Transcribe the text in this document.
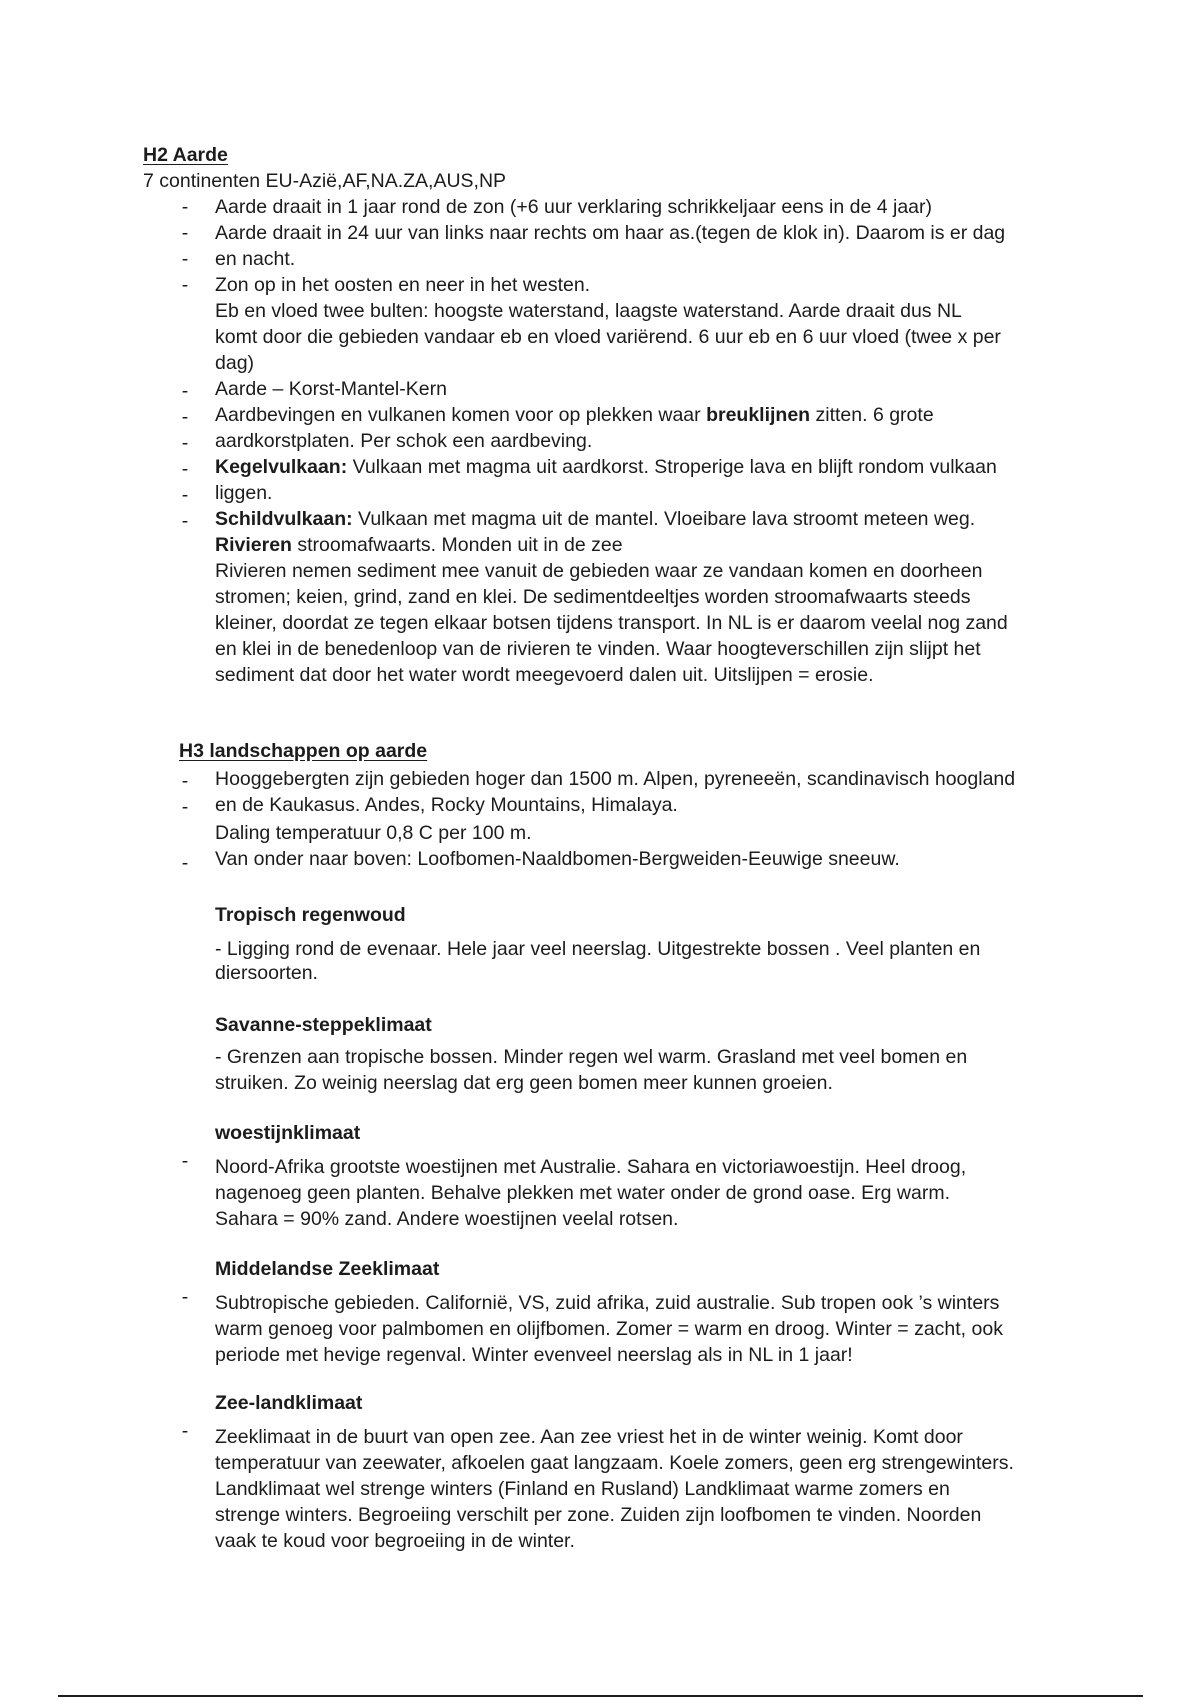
H2 Aarde
7 continenten EU-Azië,AF,NA.ZA,AUS,NP
-
-
-
-
-
-
-
-
-
-
Aarde draait in 1 jaar rond de zon (+6 uur verklaring schrikkeljaar eens in de 4 jaar)
Aarde draait in 24 uur van links naar rechts om haar as.(tegen de klok in). Daarom is er dag
en nacht.
Zon op in het oosten en neer in het westen.
Eb en vloed twee bulten: hoogste waterstand, laagste waterstand. Aarde draait dus NL
komt door die gebieden vandaar eb en vloed variërend. 6 uur eb en 6 uur vloed (twee x per
dag)
Aarde – Korst-Mantel-Kern
Aardbevingen en vulkanen komen voor op plekken waar breuklijnen zitten. 6 grote
aardkorstplaten. Per schok een aardbeving.
Kegelvulkaan: Vulkaan met magma uit aardkorst. Stroperige lava en blijft rondom vulkaan
liggen.
Schildvulkaan: Vulkaan met magma uit de mantel. Vloeibare lava stroomt meteen weg.
Rivieren stroomafwaarts. Monden uit in de zee
Rivieren nemen sediment mee vanuit de gebieden waar ze vandaan komen en doorheen
stromen; keien, grind, zand en klei. De sedimentdeeltjes worden stroomafwaarts steeds
kleiner, doordat ze tegen elkaar botsen tijdens transport. In NL is er daarom veelal nog zand
en klei in de benedenloop van de rivieren te vinden. Waar hoogteverschillen zijn slijpt het
sediment dat door het water wordt meegevoerd dalen uit. Uitslijpen = erosie.
H3 landschappen op aarde
-
-
-
Hooggebergten zijn gebieden hoger dan 1500 m. Alpen, pyreneeën, scandinavisch hoogland
en de Kaukasus. Andes, Rocky Mountains, Himalaya.
Daling temperatuur 0,8 C per 100 m.
Van onder naar boven: Loofbomen-Naaldbomen-Bergweiden-Eeuwige sneeuw.
Tropisch regenwoud
- Ligging rond de evenaar. Hele jaar veel neerslag. Uitgestrekte bossen . Veel planten en
diersoorten.
Savanne-steppeklimaat
- Grenzen aan tropische bossen. Minder regen wel warm. Grasland met veel bomen en
struiken. Zo weinig neerslag dat erg geen bomen meer kunnen groeien.
woestijnklimaat
-	Noord-Afrika grootste woestijnen met Australie. Sahara en victoriawoestijn. Heel droog,
nagenoeg geen planten. Behalve plekken met water onder de grond oase. Erg warm.
Sahara = 90% zand. Andere woestijnen veelal rotsen.
Middelandse Zeeklimaat
-	Subtropische gebieden. Californië, VS, zuid afrika, zuid australie. Sub tropen ook ’s winters
warm genoeg voor palmbomen en olijfbomen. Zomer = warm en droog. Winter = zacht, ook
periode met hevige regenval. Winter evenveel neerslag als in NL in 1 jaar!
Zee-landklimaat
-	Zeeklimaat in de buurt van open zee. Aan zee vriest het in de winter weinig. Komt door
temperatuur van zeewater, afkoelen gaat langzaam. Koele zomers, geen erg strengewinters.
Landklimaat wel strenge winters (Finland en Rusland) Landklimaat warme zomers en
strenge winters. Begroeiing verschilt per zone. Zuiden zijn loofbomen te vinden. Noorden
vaak te koud voor begroeiing in de winter.
